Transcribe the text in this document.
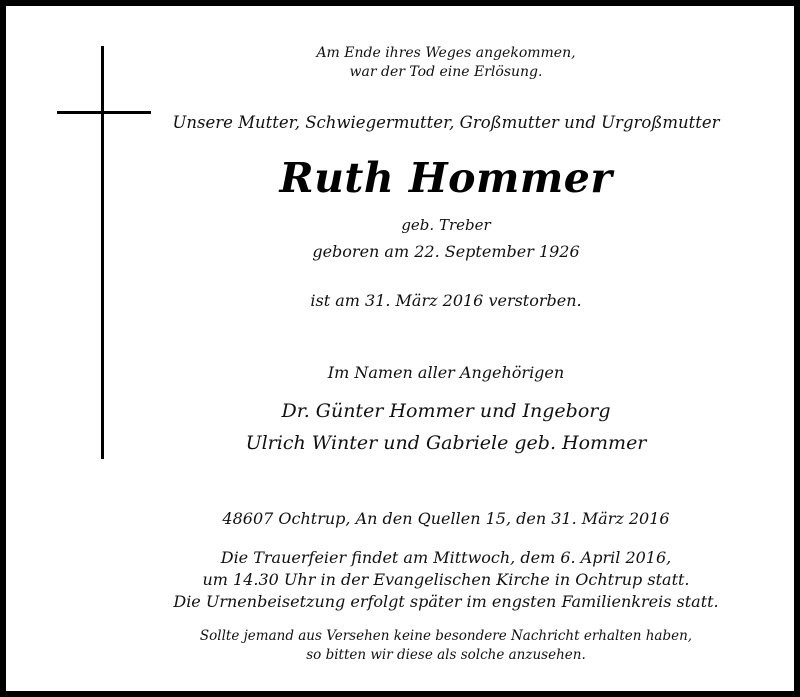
Am Ende ihres Weges angekommen,
war der Tod eine Erlösung.
Unsere Mutter, Schwiegermutter, Großmutter und Urgroßmutter
Ruth Hommer
geb. Treber
geboren am 22. September 1926
ist am 31. März 2016 verstorben.
Im Namen aller Angehörigen
Dr. Günter Hommer und Ingeborg
Ulrich Winter und Gabriele geb. Hommer
48607 Ochtrup, An den Quellen 15, den 31. März 2016
Die Trauerfeier findet am Mittwoch, dem 6. April 2016,
um 14.30 Uhr in der Evangelischen Kirche in Ochtrup statt.
Die Urnenbeisetzung erfolgt später im engsten Familienkreis statt.
Sollte jemand aus Versehen keine besondere Nachricht erhalten haben,
so bitten wir diese als solche anzusehen.
